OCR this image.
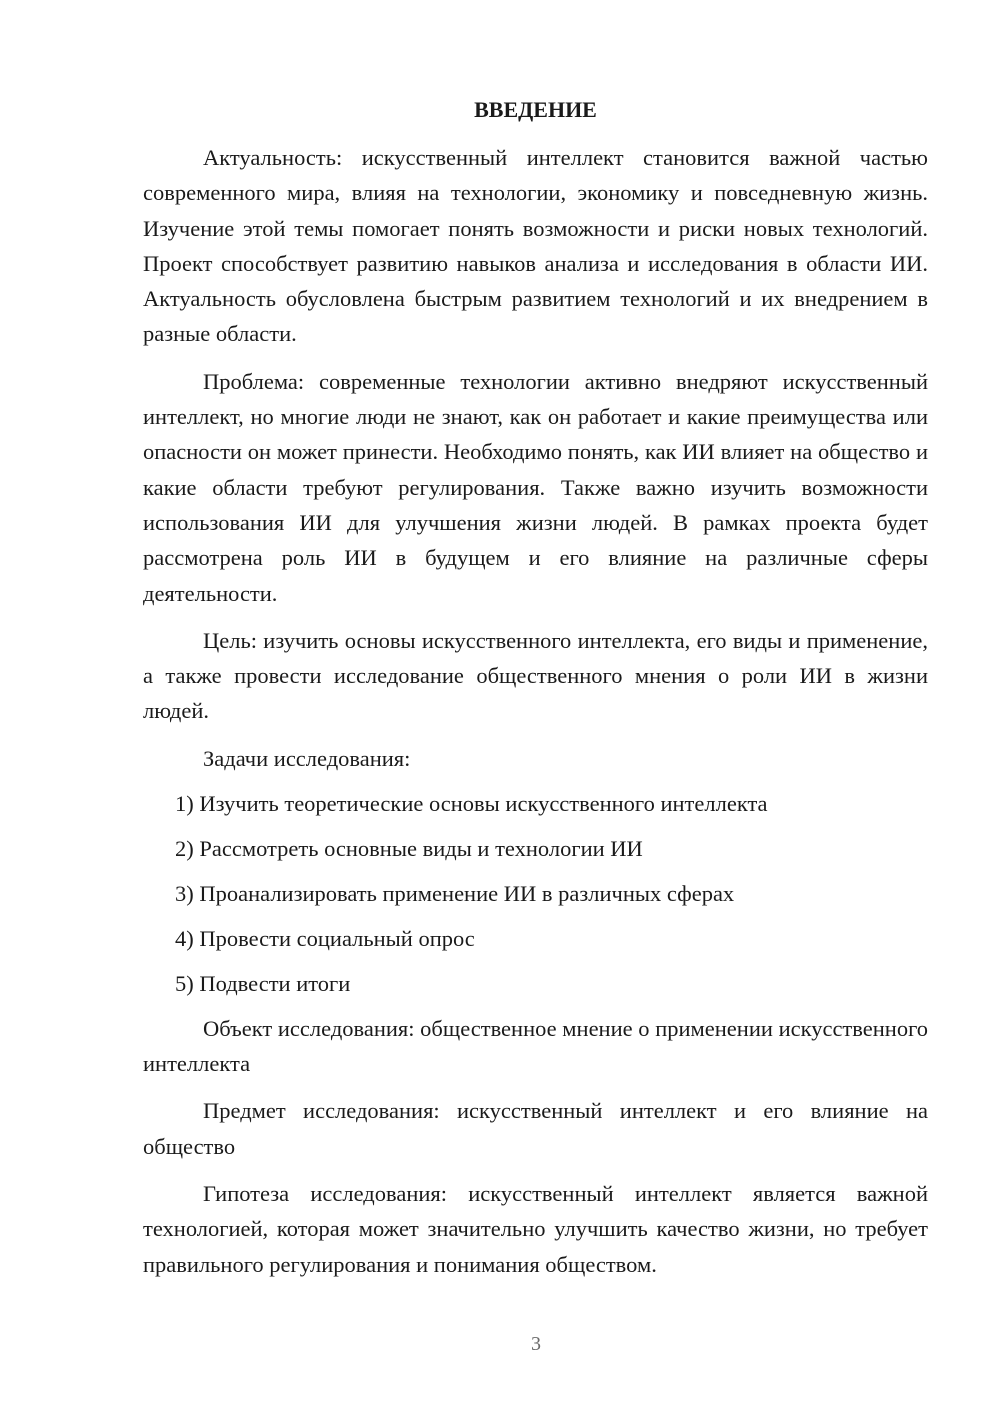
ВВЕДЕНИЕ

Актуальность: искусственный интеллект становится важной частью современного мира, влияя на технологии, экономику и повседневную жизнь. Изучение этой темы помогает понять возможности и риски новых технологий. Проект способствует развитию навыков анализа и исследования в области ИИ. Актуальность обусловлена быстрым развитием технологий и их внедрением в разные области.

Проблема: современные технологии активно внедряют искусственный интеллект, но многие люди не знают, как он работает и какие преимущества или опасности он может принести. Необходимо понять, как ИИ влияет на общество и какие области требуют регулирования. Также важно изучить возможности использования ИИ для улучшения жизни людей. В рамках проекта будет рассмотрена роль ИИ в будущем и его влияние на различные сферы деятельности.

Цель: изучить основы искусственного интеллекта, его виды и применение, а также провести исследование общественного мнения о роли ИИ в жизни людей.

Задачи исследования:

1) Изучить теоретические основы искусственного интеллекта
2) Рассмотреть основные виды и технологии ИИ
3) Проанализировать применение ИИ в различных сферах
4) Провести социальный опрос
5) Подвести итоги

Объект исследования: общественное мнение о применении искусственного интеллекта

Предмет исследования: искусственный интеллект и его влияние на общество

Гипотеза исследования: искусственный интеллект является важной технологией, которая может значительно улучшить качество жизни, но требует правильного регулирования и понимания обществом.

3
